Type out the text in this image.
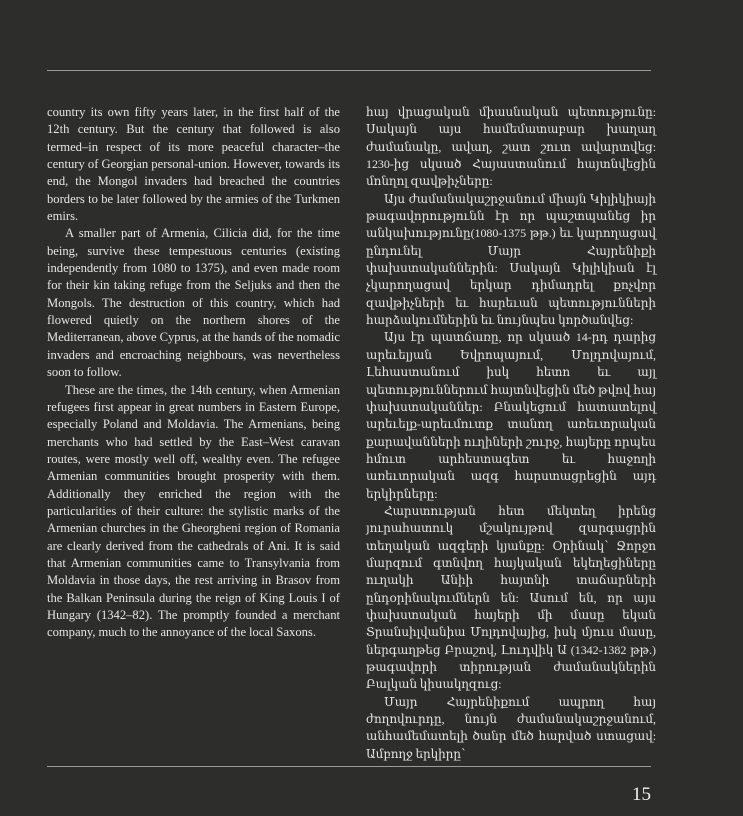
country its own fifty years later, in the first half of the 12th century. But the century that followed is also termed–in respect of its more peaceful character–the century of Georgian personal-union. However, towards its end, the Mongol invaders had breached the countries borders to be later followed by the armies of the Turkmen emirs.

A smaller part of Armenia, Cilicia did, for the time being, survive these tempestuous centuries (existing independently from 1080 to 1375), and even made room for their kin taking refuge from the Seljuks and then the Mongols. The destruction of this country, which had flowered quietly on the northern shores of the Mediterranean, above Cyprus, at the hands of the nomadic invaders and encroaching neighbours, was nevertheless soon to follow.

These are the times, the 14th century, when Armenian refugees first appear in great numbers in Eastern Europe, especially Poland and Moldavia. The Armenians, being merchants who had settled by the East–West caravan routes, were mostly well off, wealthy even. The refugee Armenian communities brought prosperity with them. Additionally they enriched the region with the particularities of their culture: the stylistic marks of the Armenian churches in the Gheorgheni region of Romania are clearly derived from the cathedrals of Ani. It is said that Armenian communities came to Transylvania from Moldavia in those days, the rest arriving in Brasov from the Balkan Peninsula during the reign of King Louis I of Hungary (1342–82). The promptly founded a merchant company, much to the annoyance of the local Saxons.

հայ վրացական միասնական պետությունը: Սակայն այս համեմատաբար խաղաղ ժամանակը, ավաղ, շատ շուտ ավարտվեց: 1230-ից սկսած Հայաստանում հայտնվեցին մոնղոլ զավթիչները:

Այս ժամանակաշրջանում միայն Կիլիկիայի թագավորությունն էր որ պաշտպանեց իր անկախությունը(1080-1375 թթ.) եւ կարողացավ ընդունել Մայր Հայրենիքի փախստականներին: Սակայն Կիլիկիան էլ չկարողացավ երկար դիմադրել քոչվոր զավթիչների եւ հարեւան պետությունների հարձակումներին եւ նույնպես կործանվեց:

Այս էր պատճառը, որ սկսած 14-րդ դարից արեւելյան Եվրոպայում, Մոլդովայում, Լեհաստանում իսկ հետո եւ այլ պետություններում հայտնվեցին մեծ թվով հայ փախստականներ: Բնակեցում հատատելով արեւելք-արեւմուտք տանող առեւտրական քարավանների ուղիների շուրջ, հայերը որպես հմուտ արհեստագետ եւ հաջողի առեւտրական ազգ հարստացրեցին այդ երկիրները:

Հարստության հետ մեկտեղ իրենց յուրահատուկ մշակույթով զարգացրին տեղական ազգերի կյանքը: Օրինակ՝ Ջորջո մարզում գտնվող հայկական եկեղեցիները ուղակի Անիի հայտնի տաճարների ընդօրինակումներն են: Ասում են, որ այս փախստական հայերի մի մասը եկան Տրանսիլվանիա Մոլդովայից, իսկ մյուս մասը, ներգաղթեց Բրաշով, Լուդվիկ Ա (1342-1382 թթ.) թագավորի տիրության ժամանակներին Բալկան կիսակղզուց:

Մայր Հայրենիքում ապրող հայ ժողովուրդը, նույն ժամանակաշրջանում, անհամեմատելի ծանր մեծ հարված ստացավ: Ամբողջ երկիրը՝

15
